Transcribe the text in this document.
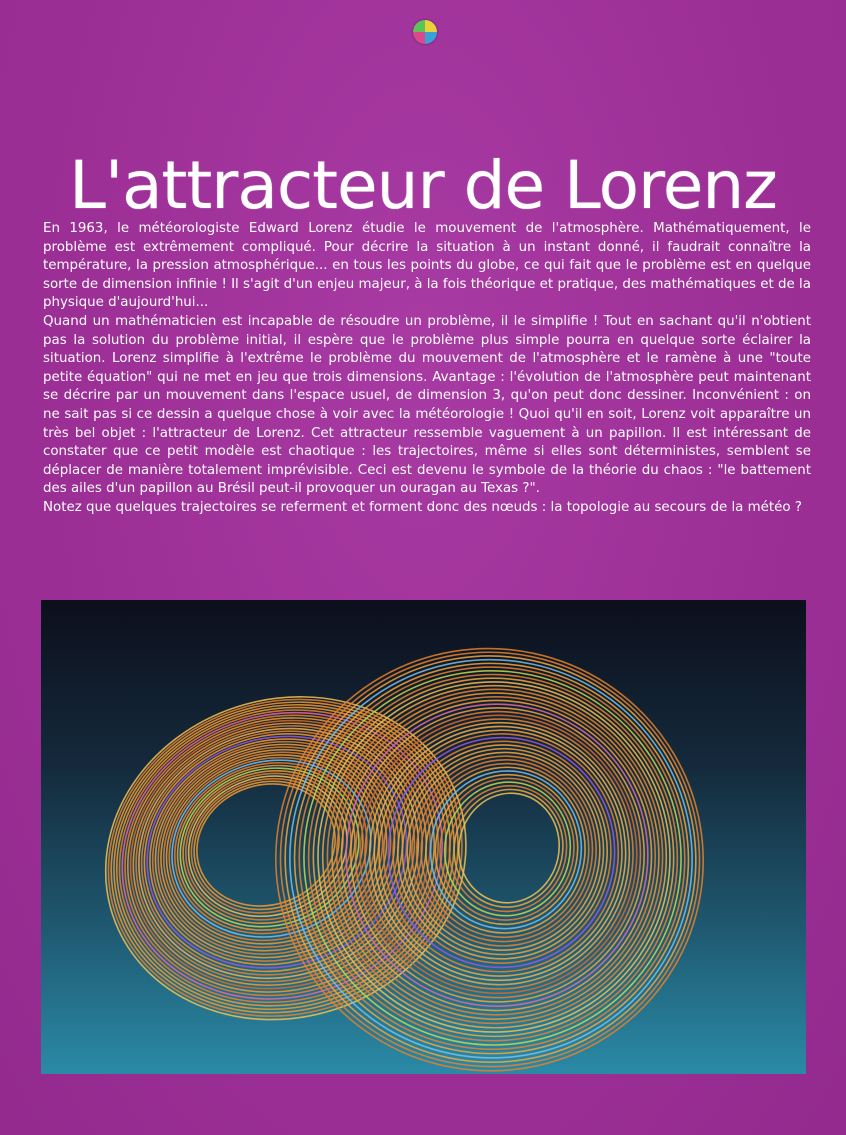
L'attracteur de Lorenz

En 1963, le météorologiste Edward Lorenz étudie le mouvement de l'atmosphère. Mathématiquement, le problème est extrêmement compliqué. Pour décrire la situation à un instant donné, il faudrait connaître la température, la pression atmosphérique... en tous les points du globe, ce qui fait que le problème est en quelque sorte de dimension infinie ! Il s'agit d'un enjeu majeur, à la fois théorique et pratique, des mathématiques et de la physique d'aujourd'hui...

Quand un mathématicien est incapable de résoudre un problème, il le simplifie ! Tout en sachant qu'il n'obtient pas la solution du problème initial, il espère que le problème plus simple pourra en quelque sorte éclairer la situation. Lorenz simplifie à l'extrême le problème du mouvement de l'atmosphère et le ramène à une "toute petite équation" qui ne met en jeu que trois dimensions. Avantage : l'évolution de l'atmosphère peut maintenant se décrire par un mouvement dans l'espace usuel, de dimension 3, qu'on peut donc dessiner. Inconvénient : on ne sait pas si ce dessin a quelque chose à voir avec la météorologie ! Quoi qu'il en soit, Lorenz voit apparaître un très bel objet : l'attracteur de Lorenz. Cet attracteur ressemble vaguement à un papillon. Il est intéressant de constater que ce petit modèle est chaotique : les trajectoires, même si elles sont déterministes, semblent se déplacer de manière totalement imprévisible. Ceci est devenu le symbole de la théorie du chaos : "le battement des ailes d'un papillon au Brésil peut-il provoquer un ouragan au Texas ?".

Notez que quelques trajectoires se referment et forment donc des nœuds : la topologie au secours de la météo ?
